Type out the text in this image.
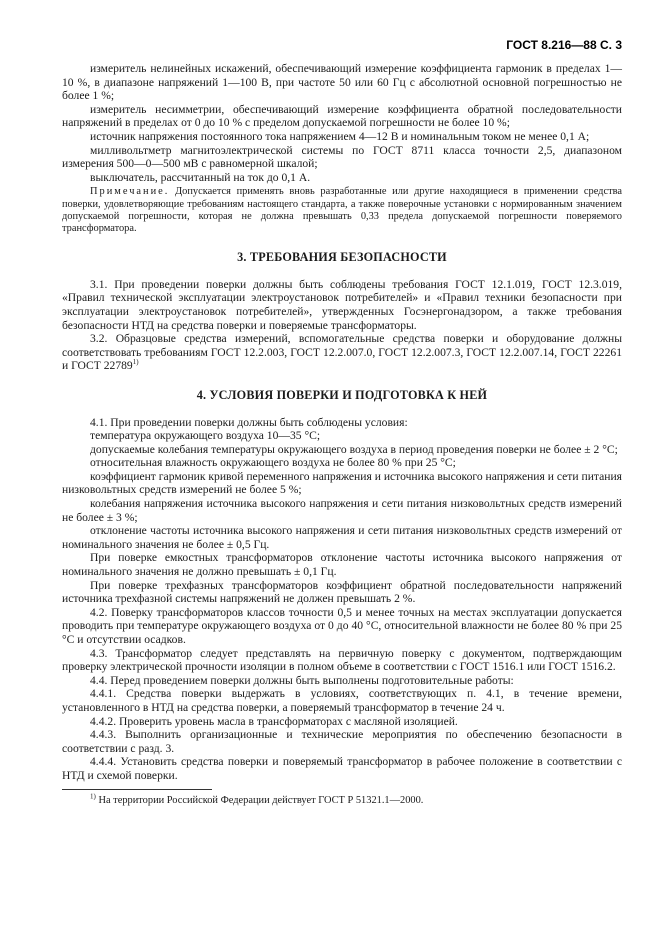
ГОСТ 8.216—88 С. 3

измеритель нелинейных искажений, обеспечивающий измерение коэффициента гармоник в пределах 1—10 %, в диапазоне напряжений 1—100 В, при частоте 50 или 60 Гц с абсолютной основной погрешностью не более 1 %;

измеритель несимметрии, обеспечивающий измерение коэффициента обратной последовательности напряжений в пределах от 0 до 10 % с пределом допускаемой погрешности не более 10 %;

источник напряжения постоянного тока напряжением 4—12 В и номинальным током не менее 0,1 А;

милливольтметр магнитоэлектрической системы по ГОСТ 8711 класса точности 2,5, диапазоном измерения 500—0—500 мВ с равномерной шкалой;

выключатель, рассчитанный на ток до 0,1 А.

Примечание. Допускается применять вновь разработанные или другие находящиеся в применении средства поверки, удовлетворяющие требованиям настоящего стандарта, а также поверочные установки с нормированным значением допускаемой погрешности, которая не должна превышать 0,33 предела допускаемой погрешности поверяемого трансформатора.

3. ТРЕБОВАНИЯ БЕЗОПАСНОСТИ

3.1. При проведении поверки должны быть соблюдены требования ГОСТ 12.1.019, ГОСТ 12.3.019, «Правил технической эксплуатации электроустановок потребителей» и «Правил техники безопасности при эксплуатации электроустановок потребителей», утвержденных Госэнергонадзором, а также требования безопасности НТД на средства поверки и поверяемые трансформаторы.

3.2. Образцовые средства измерений, вспомогательные средства поверки и оборудование должны соответствовать требованиям ГОСТ 12.2.003, ГОСТ 12.2.007.0, ГОСТ 12.2.007.3, ГОСТ 12.2.007.14, ГОСТ 22261 и ГОСТ 22789$^{1)}$

4. УСЛОВИЯ ПОВЕРКИ И ПОДГОТОВКА К НЕЙ

4.1. При проведении поверки должны быть соблюдены условия:

температура окружающего воздуха 10—35 °С;

допускаемые колебания температуры окружающего воздуха в период проведения поверки не более ± 2 °С;

относительная влажность окружающего воздуха не более 80 % при 25 °С;

коэффициент гармоник кривой переменного напряжения и источника высокого напряжения и сети питания низковольтных средств измерений не более 5 %;

колебания напряжения источника высокого напряжения и сети питания низковольтных средств измерений не более ± 3 %;

отклонение частоты источника высокого напряжения и сети питания низковольтных средств измерений от номинального значения не более ± 0,5 Гц.

При поверке емкостных трансформаторов отклонение частоты источника высокого напряжения от номинального значения не должно превышать ± 0,1 Гц.

При поверке трехфазных трансформаторов коэффициент обратной последовательности напряжений источника трехфазной системы напряжений не должен превышать 2 %.

4.2. Поверку трансформаторов классов точности 0,5 и менее точных на местах эксплуатации допускается проводить при температуре окружающего воздуха от 0 до 40 °С, относительной влажности не более 80 % при 25 °С и отсутствии осадков.

4.3. Трансформатор следует представлять на первичную поверку с документом, подтверждающим проверку электрической прочности изоляции в полном объеме в соответствии с ГОСТ 1516.1 или ГОСТ 1516.2.

4.4. Перед проведением поверки должны быть выполнены подготовительные работы:

4.4.1. Средства поверки выдержать в условиях, соответствующих п. 4.1, в течение времени, установленного в НТД на средства поверки, а поверяемый трансформатор в течение 24 ч.

4.4.2. Проверить уровень масла в трансформаторах с масляной изоляцией.

4.4.3. Выполнить организационные и технические мероприятия по обеспечению безопасности в соответствии с разд. 3.

4.4.4. Установить средства поверки и поверяемый трансформатор в рабочее положение в соответствии с НТД и схемой поверки.

$^{1)}$ На территории Российской Федерации действует ГОСТ Р 51321.1—2000.
